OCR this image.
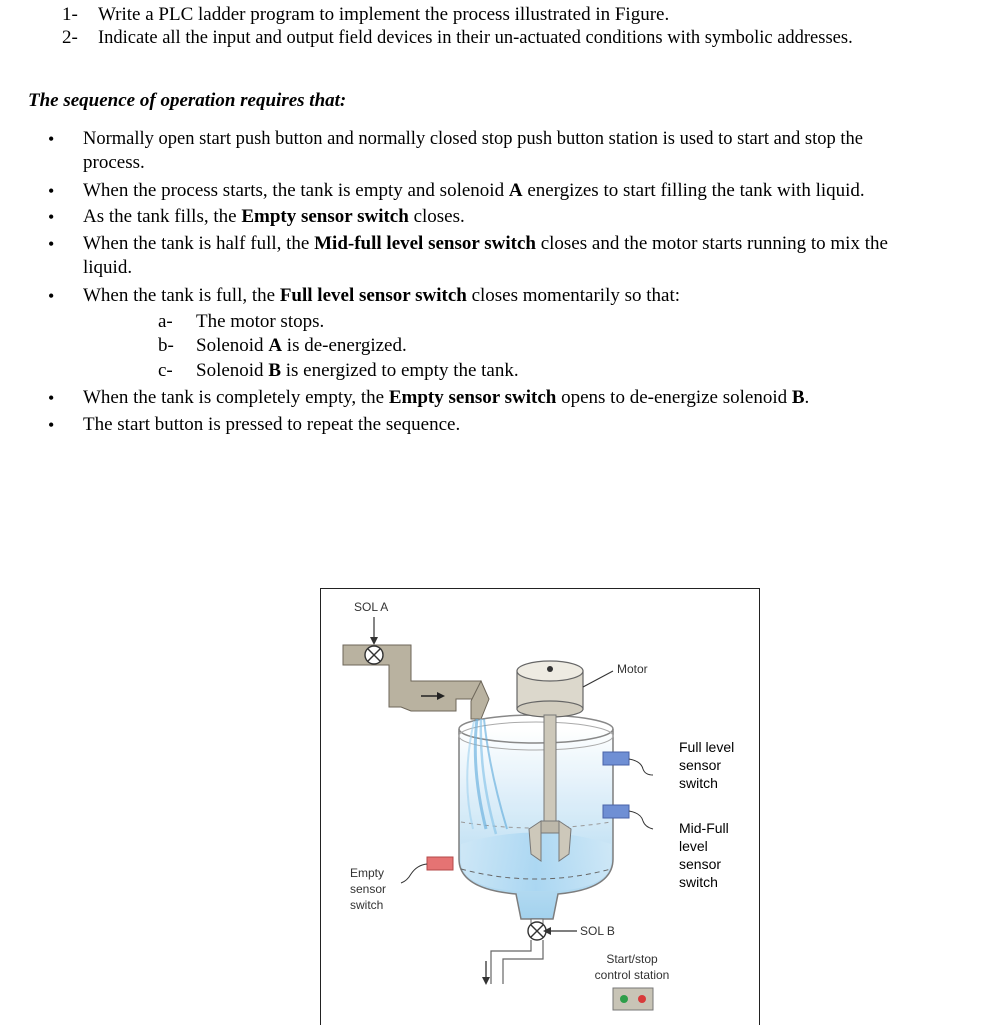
1- Write a PLC ladder program to implement the process illustrated in Figure.
2- Indicate all the input and output field devices in their un-actuated conditions with symbolic addresses.
The sequence of operation requires that:
• Normally open start push button and normally closed stop push button station is used to start and stop the
process.
• When the process starts, the tank is empty and solenoid A energizes to start filling the tank with liquid.
• As the tank fills, the Empty sensor switch closes.
• When the tank is half full, the Mid-full level sensor switch closes and the motor starts running to mix the
liquid.
• When the tank is full, the Full level sensor switch closes momentarily so that:
a- The motor stops.
b- Solenoid A is de-energized.
c- Solenoid B is energized to empty the tank.
• When the tank is completely empty, the Empty sensor switch opens to de-energize solenoid B.
• The start button is pressed to repeat the sequence.
SOL A
Motor
Full level
sensor
switch
Mid-Full
level
sensor
switch
Empty
sensor
switch
SOL B
Start/stop
control station
